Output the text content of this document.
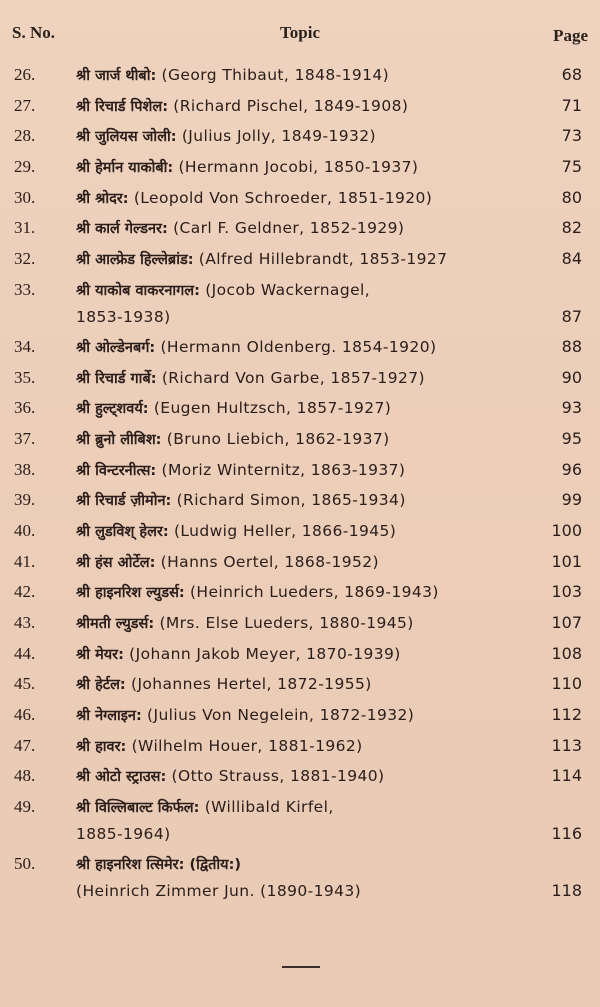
S. No.	Topic	Page
26.	श्री जार्ज थीबो: (Georg Thibaut, 1848-1914)	68
27.	श्री रिचार्ड पिशेल: (Richard Pischel, 1849-1908)	71
28.	श्री जुलियस जोली: (Julius Jolly, 1849-1932)	73
29.	श्री हेर्मान याकोबी: (Hermann Jocobi, 1850-1937)	75
30.	श्री श्रोदर: (Leopold Von Schroeder, 1851-1920)	80
31.	श्री कार्ल गेल्डनर: (Carl F. Geldner, 1852-1929)	82
32.	श्री आल्फ्रेड हिल्लेब्रांड: (Alfred Hillebrandt, 1853-1927	84
33.	श्री याकोब वाकरनागल: (Jocob Wackernagel,
1853-1938)	87
34.	श्री ओल्डेनबर्ग: (Hermann Oldenberg. 1854-1920)	88
35.	श्री रिचार्ड गार्बे: (Richard Von Garbe, 1857-1927)	90
36.	श्री हुल्ट्शवर्य: (Eugen Hultzsch, 1857-1927)	93
37.	श्री ब्रुनो लीबिश: (Bruno Liebich, 1862-1937)	95
38.	श्री विन्टरनीत्स: (Moriz Winternitz, 1863-1937)	96
39.	श्री रिचार्ड ज़ीमोन: (Richard Simon, 1865-1934)	99
40.	श्री लुडविश् हेलर: (Ludwig Heller, 1866-1945)	100
41.	श्री हंस ओर्टेल: (Hanns Oertel, 1868-1952)	101
42.	श्री हाइनरिश ल्युडर्स: (Heinrich Lueders, 1869-1943)	103
43.	श्रीमती ल्युडर्स: (Mrs. Else Lueders, 1880-1945)	107
44.	श्री मेयर: (Johann Jakob Meyer, 1870-1939)	108
45.	श्री हेर्टल: (Johannes Hertel, 1872-1955)	110
46.	श्री नेग्लाइन: (Julius Von Negelein, 1872-1932)	112
47.	श्री हावर: (Wilhelm Houer, 1881-1962)	113
48.	श्री ओटो स्ट्राउस: (Otto Strauss, 1881-1940)	114
49.	श्री विल्लिबाल्ट किर्फल: (Willibald Kirfel,
1885-1964)	116
50.	श्री हाइनरिश त्सिमेर: (द्वितीय:)
(Heinrich Zimmer Jun. (1890-1943)	118
